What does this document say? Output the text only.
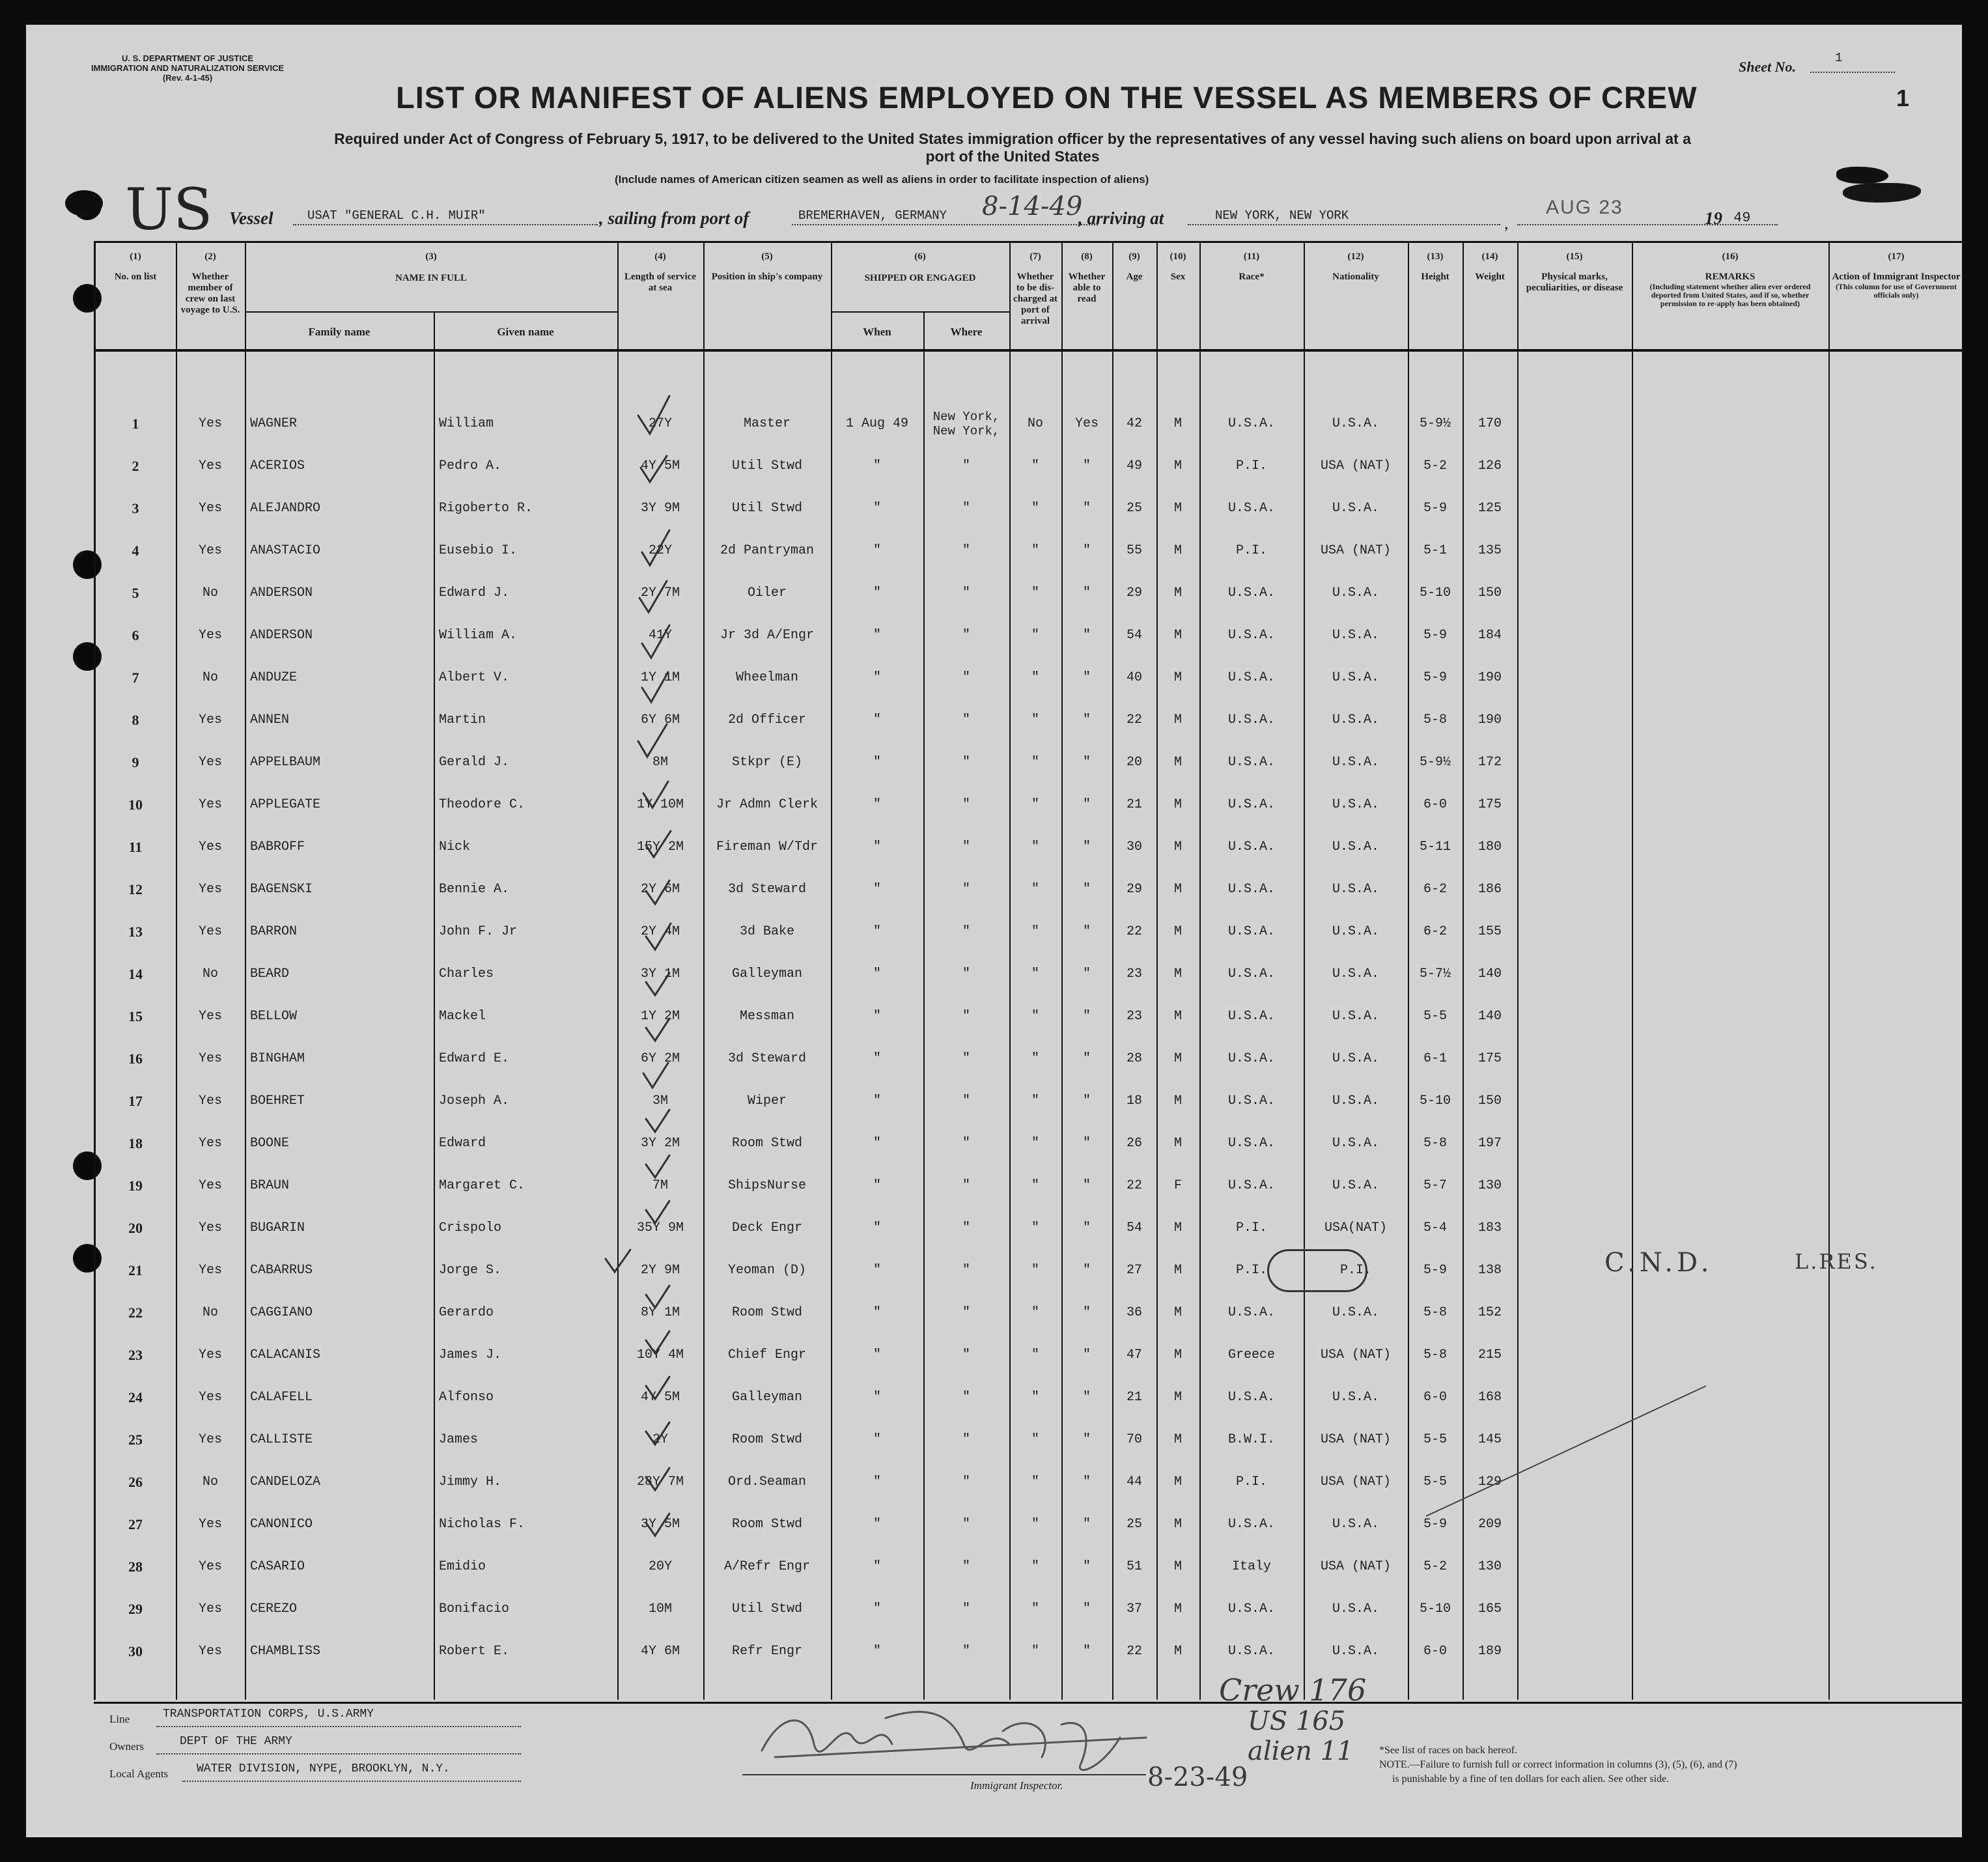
U. S. DEPARTMENT OF JUSTICE
IMMIGRATION AND NATURALIZATION SERVICE
(Rev. 4-1-45)
Sheet No.
1
1
LIST OR MANIFEST OF ALIENS EMPLOYED ON THE VESSEL AS MEMBERS OF CREW
Required under Act of Congress of February 5, 1917, to be delivered to the United States immigration officer by the representatives of any vessel having such aliens on board upon arrival at a
port of the United States
(Include names of American citizen seamen as well as aliens in order to facilitate inspection of aliens)
US Vessel	USAT "GENERAL C.H. MUIR"	, sailing from port of	BREMERHAVEN, GERMANY 8-14-49
, arriving at	NEW YORK, NEW YORK	,
AUG 23	19 49
(1)
No. on list
(2)
Whether member of crew on last voyage to U.S.
(3)
NAME IN FULL
Family name	Given name
(4)
Length of service at sea
(5)
Position in ship's company
(6)
SHIPPED OR ENGAGED
When	Where
(7)
Whether to be dis-charged at port of arrival
(8)
Whether able to read
(9)
Age
(10)
Sex
(11)
Race*
(12)
Nationality
(13)
Height
(14)
Weight
(15)
Physical marks, peculiarities, or disease
(16)
REMARKS
(Including statement whether alien ever ordered deported from United States, and if so, whether permission to re-apply has been obtained)
(17)
Action of Immigrant Inspector
(This column for use of Government officials only)
1	Yes	WAGNER	William	27Y	Master	1 Aug 49	New York, New York,	No	Yes	42	M	U.S.A.	U.S.A.	5-9½	170
2	Yes	ACERIOS	Pedro A.	4Y 5M	Util Stwd	"	"	"	"	49	M	P.I.	USA (NAT)	5-2	126
3	Yes	ALEJANDRO	Rigoberto R.	3Y 9M	Util Stwd	"	"	"	"	25	M	U.S.A.	U.S.A.	5-9	125
4	Yes	ANASTACIO	Eusebio I.	22Y	2d Pantryman	"	"	"	"	55	M	P.I.	USA (NAT)	5-1	135
5	No	ANDERSON	Edward J.	2Y 7M	Oiler	"	"	"	"	29	M	U.S.A.	U.S.A.	5-10	150
6	Yes	ANDERSON	William A.	41Y	Jr 3d A/Engr	"	"	"	"	54	M	U.S.A.	U.S.A.	5-9	184
7	No	ANDUZE	Albert V.	1Y 1M	Wheelman	"	"	"	"	40	M	U.S.A.	U.S.A.	5-9	190
8	Yes	ANNEN	Martin	6Y 6M	2d Officer	"	"	"	"	22	M	U.S.A.	U.S.A.	5-8	190
9	Yes	APPELBAUM	Gerald J.	8M	Stkpr (E)	"	"	"	"	20	M	U.S.A.	U.S.A.	5-9½	172
10	Yes	APPLEGATE	Theodore C.	1Y 10M	Jr Admn Clerk	"	"	"	"	21	M	U.S.A.	U.S.A.	6-0	175
11	Yes	BABROFF	Nick	15Y 2M	Fireman W/Tdr	"	"	"	"	30	M	U.S.A.	U.S.A.	5-11	180
12	Yes	BAGENSKI	Bennie A.	2Y 6M	3d Steward	"	"	"	"	29	M	U.S.A.	U.S.A.	6-2	186
13	Yes	BARRON	John F. Jr	2Y 4M	3d Bake	"	"	"	"	22	M	U.S.A.	U.S.A.	6-2	155
14	No	BEARD	Charles	3Y 1M	Galleyman	"	"	"	"	23	M	U.S.A.	U.S.A.	5-7½	140
15	Yes	BELLOW	Mackel	1Y 2M	Messman	"	"	"	"	23	M	U.S.A.	U.S.A.	5-5	140
16	Yes	BINGHAM	Edward E.	6Y 2M	3d Steward	"	"	"	"	28	M	U.S.A.	U.S.A.	6-1	175
17	Yes	BOEHRET	Joseph A.	3M	Wiper	"	"	"	"	18	M	U.S.A.	U.S.A.	5-10	150
18	Yes	BOONE	Edward	3Y 2M	Room Stwd	"	"	"	"	26	M	U.S.A.	U.S.A.	5-8	197
19	Yes	BRAUN	Margaret C.	7M	ShipsNurse	"	"	"	"	22	F	U.S.A.	U.S.A.	5-7	130
20	Yes	BUGARIN	Crispolo	35Y 9M	Deck Engr	"	"	"	"	54	M	P.I.	USA(NAT)	5-4	183
21	Yes	CABARRUS	Jorge S.	2Y 9M	Yeoman (D)	"	"	"	"	27	M	P.I.	P.I.	5-9	138
22	No	CAGGIANO	Gerardo	8Y 1M	Room Stwd	"	"	"	"	36	M	U.S.A.	U.S.A.	5-8	152
23	Yes	CALACANIS	James J.	10Y 4M	Chief Engr	"	"	"	"	47	M	Greece	USA (NAT)	5-8	215
24	Yes	CALAFELL	Alfonso	4Y 5M	Galleyman	"	"	"	"	21	M	U.S.A.	U.S.A.	6-0	168
25	Yes	CALLISTE	James	2Y	Room Stwd	"	"	"	"	70	M	B.W.I.	USA (NAT)	5-5	145
26	No	CANDELOZA	Jimmy H.	28Y 7M	Ord.Seaman	"	"	"	"	44	M	P.I.	USA (NAT)	5-5	129
27	Yes	CANONICO	Nicholas F.	3Y 5M	Room Stwd	"	"	"	"	25	M	U.S.A.	U.S.A.	5-9	209
28	Yes	CASARIO	Emidio	20Y	A/Refr Engr	"	"	"	"	51	M	Italy	USA (NAT)	5-2	130
29	Yes	CEREZO	Bonifacio	10M	Util Stwd	"	"	"	"	37	M	U.S.A.	U.S.A.	5-10	165
30	Yes	CHAMBLISS	Robert E.	4Y 6M	Refr Engr	"	"	"	"	22	M	U.S.A.	U.S.A.	6-0	189
C.N.D.	L.RES.
Line	TRANSPORTATION CORPS, U.S.ARMY
Owners	DEPT OF THE ARMY
Local Agents WATER DIVISION, NYPE, BROOKLYN, N.Y.
Immigrant Inspector.	8-23-49
Crew 176
US 165
alien 11 *See list of races on back hereof.
NOTE.—Failure to furnish full or correct information in columns (3), (5), (6), and (7)
is punishable by a fine of ten dollars for each alien. See other side.
